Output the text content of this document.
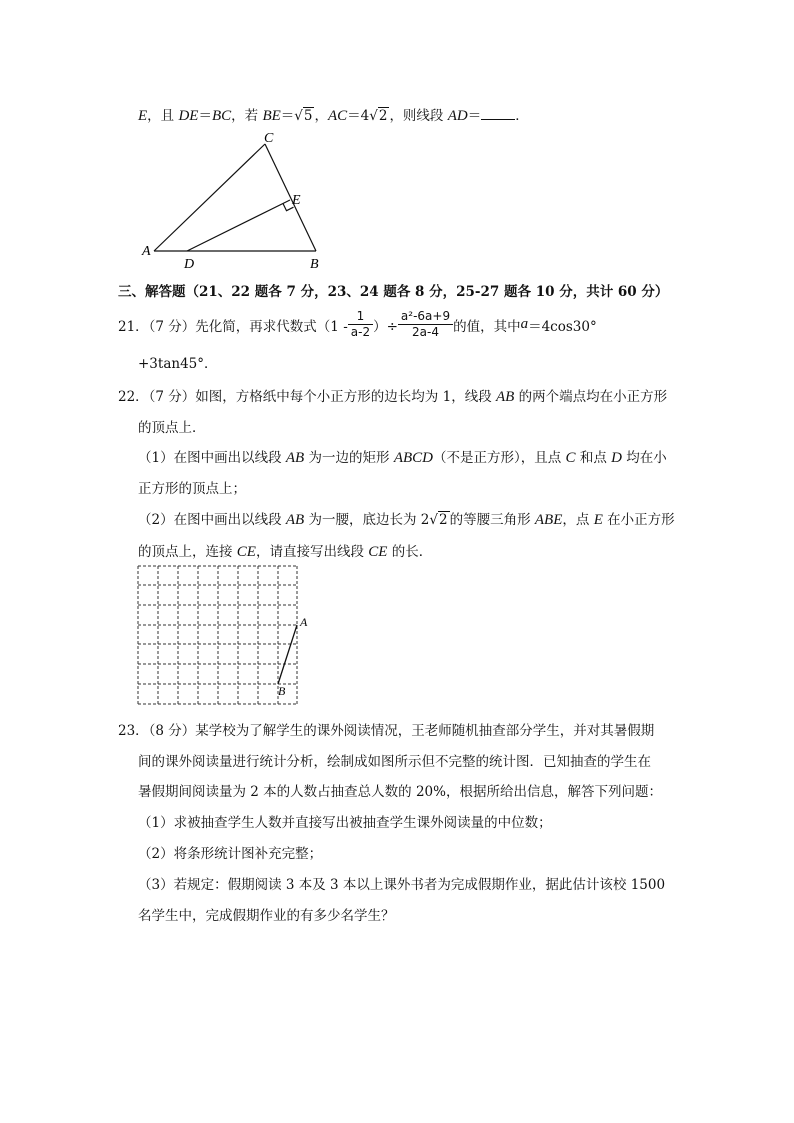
E，且 DE＝BC，若 BE＝√5 ，AC＝4√2 ，则线段 AD＝	．
C
E
A
D	B
三、解答题（21、22 题各 7 分，23、24 题各 8 分，25-27 题各 10 分，共计 60 分）
21．（7 分）先化简，再求代数式（$1 - \frac{1}{a-2}$ ）÷ $\frac{\text{a²-6a+9}}{2a-4}$ 的值，其中 a ＝4cos30°
+3tan45°．
22．（7 分）如图，方格纸中每个小正方形的边长均为 1，线段 AB 的两个端点均在小正方形
的顶点上．
（1）在图中画出以线段 AB 为一边的矩形 ABCD（不是正方形），且点 C 和点 D 均在小
正方形的顶点上；
（2）在图中画出以线段 AB 为一腰，底边长为 2√2 的等腰三角形 ABE，点 E 在小正方形
的顶点上，连接 CE，请直接写出线段 CE 的长．
A
B
23．（8 分）某学校为了解学生的课外阅读情况，王老师随机抽查部分学生，并对其暑假期
间的课外阅读量进行统计分析，绘制成如图所示但不完整的统计图．已知抽查的学生在
暑假期间阅读量为 2 本的人数占抽查总人数的 20%，根据所给出信息，解答下列问题：
（1）求被抽查学生人数并直接写出被抽查学生课外阅读量的中位数；
（2）将条形统计图补充完整；
（3）若规定：假期阅读 3 本及 3 本以上课外书者为完成假期作业，据此估计该校 1500
名学生中，完成假期作业的有多少名学生？
